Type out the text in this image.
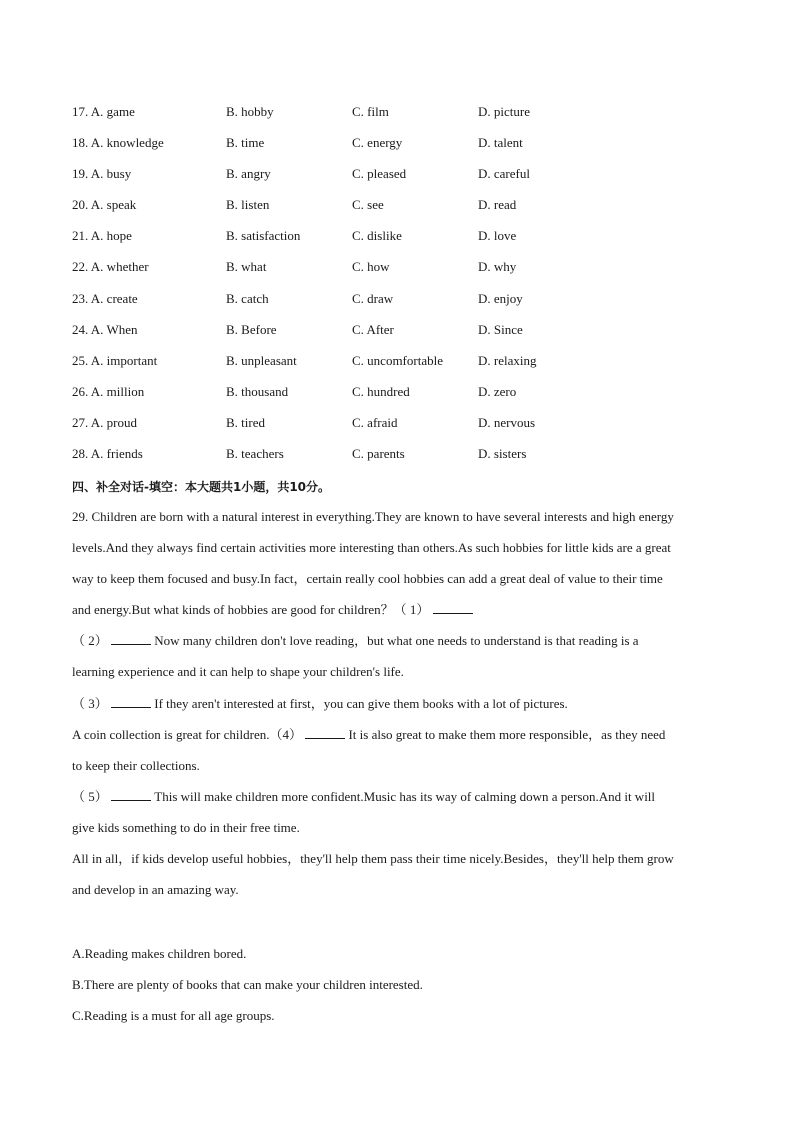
17. A. game	B. hobby	C. film	D. picture
18. A. knowledge	B. time	C. energy	D. talent
19. A. busy	B. angry	C. pleased	D. careful
20. A. speak	B. listen	C. see	D. read
21. A. hope	B. satisfaction	C. dislike	D. love
22. A. whether	B. what	C. how	D. why
23. A. create	B. catch	C. draw	D. enjoy
24. A. When	B. Before	C. After	D. Since
25. A. important	B. unpleasant	C. uncomfortable	D. relaxing
26. A. million	B. thousand	C. hundred	D. zero
27. A. proud	B. tired	C. afraid	D. nervous
28. A. friends	B. teachers	C. parents	D. sisters
四、补全对话-填空：本大题共1小题，共10分。
29. Children are born with a natural interest in everything.They are known to have several interests and high energy
levels.And they always find certain activities more interesting than others.As such hobbies for little kids are a great
way to keep them focused and busy.In fact，certain really cool hobbies can add a great deal of value to their time
and energy.But what kinds of hobbies are good for children？（ 1）
（ 2）	Now many children don't love reading，but what one needs to understand is that reading is a
learning experience and it can help to shape your children's life.
（ 3）	If they aren't interested at first，you can give them books with a lot of pictures.
A coin collection is great for children.（4）	It is also great to make them more responsible，as they need
to keep their collections.
（ 5）	This will make children more confident.Music has its way of calming down a person.And it will
give kids something to do in their free time.
All in all，if kids develop useful hobbies，they'll help them pass their time nicely.Besides，they'll help them grow
and develop in an amazing way.
A.Reading makes children bored.
B.There are plenty of books that can make your children interested.
C.Reading is a must for all age groups.
